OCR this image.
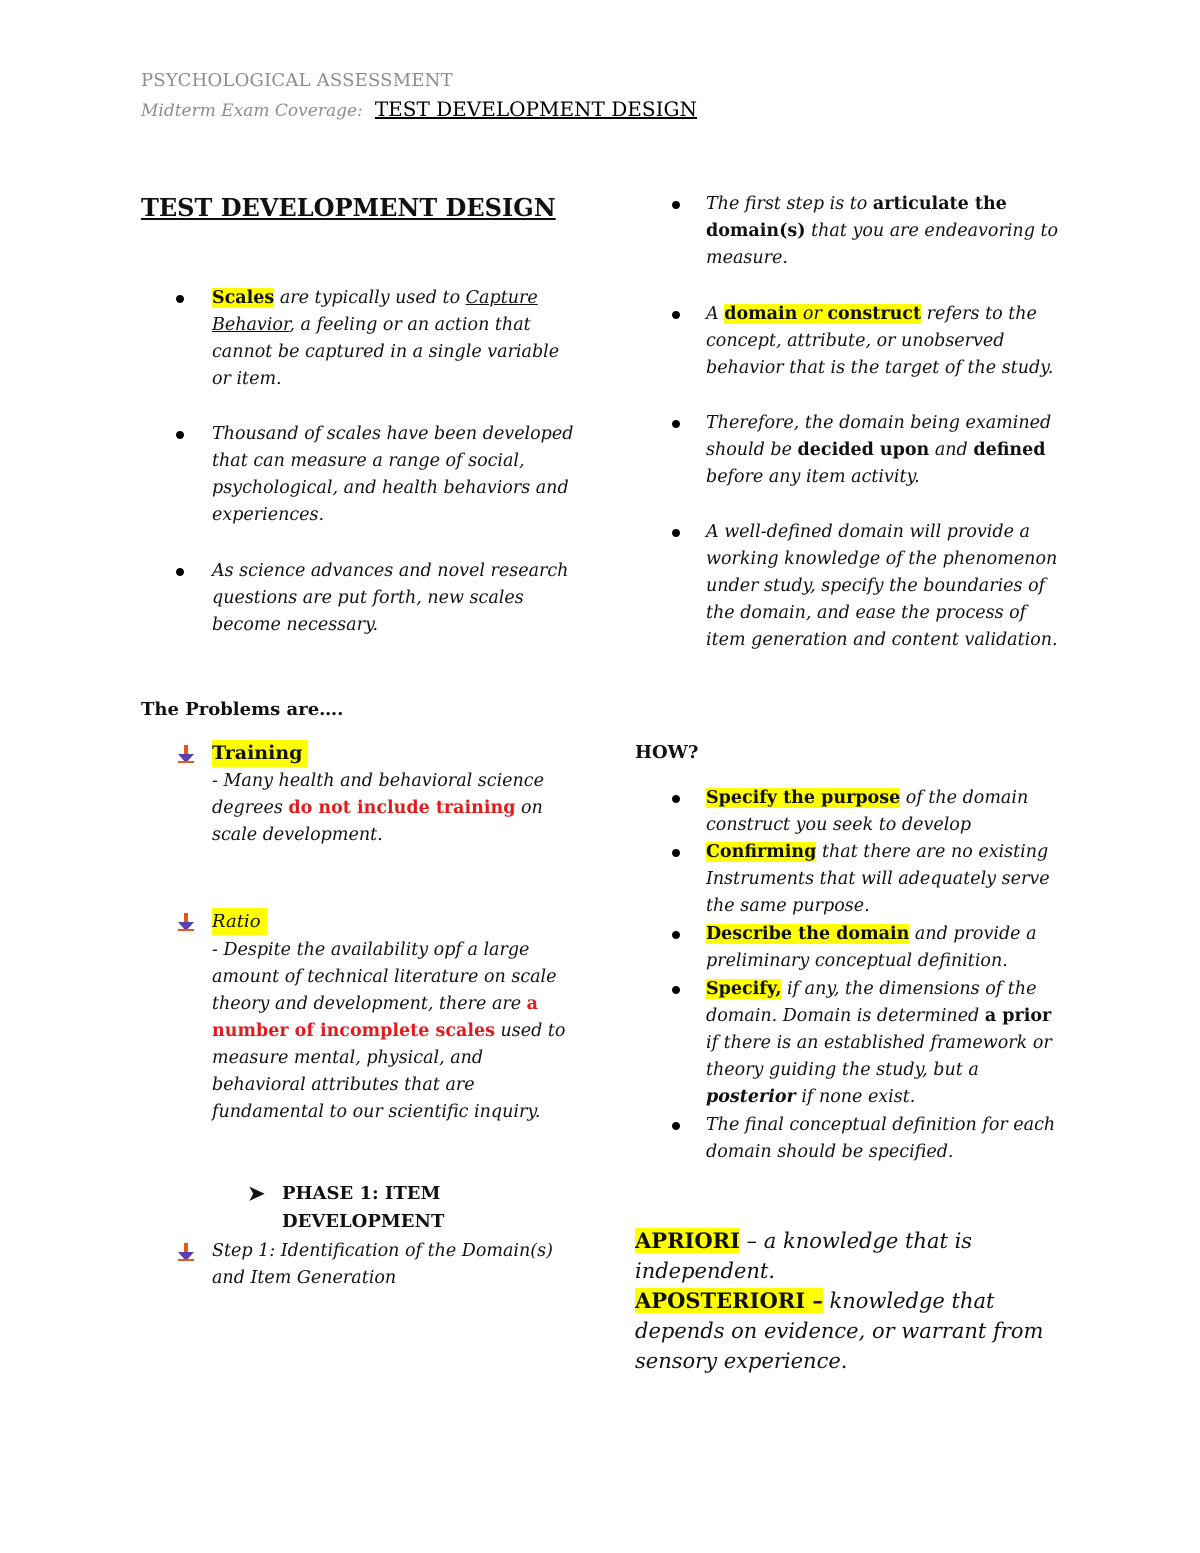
PSYCHOLOGICAL ASSESSMENT
Midterm Exam Coverage: TEST DEVELOPMENT DESIGN
TEST DEVELOPMENT DESIGN
Scales are typically used to Capture Behavior, a feeling or an action that cannot be captured in a single variable or item.
Thousand of scales have been developed that can measure a range of social, psychological, and health behaviors and experiences.
As science advances and novel research questions are put forth, new scales become necessary.
The Problems are….
Training
- Many health and behavioral science degrees do not include training on scale development.
Ratio
- Despite the availability opf a large amount of technical literature on scale theory and development, there are a number of incomplete scales used to measure mental, physical, and behavioral attributes that are fundamental to our scientific inquiry.
➤ PHASE 1: ITEM DEVELOPMENT
Step 1: Identification of the Domain(s) and Item Generation
The first step is to articulate the domain(s) that you are endeavoring to measure.
A domain or construct refers to the concept, attribute, or unobserved behavior that is the target of the study.
Therefore, the domain being examined should be decided upon and defined before any item activity.
A well-defined domain will provide a working knowledge of the phenomenon under study, specify the boundaries of the domain, and ease the process of item generation and content validation.
HOW?
Specify the purpose of the domain construct you seek to develop
Confirming that there are no existing Instruments that will adequately serve the same purpose.
Describe the domain and provide a preliminary conceptual definition.
Specify, if any, the dimensions of the domain. Domain is determined a prior if there is an established framework or theory guiding the study, but a posterior if none exist.
The final conceptual definition for each domain should be specified.
APRIORI – a knowledge that is independent.
APOSTERIORI – knowledge that depends on evidence, or warrant from sensory experience.
